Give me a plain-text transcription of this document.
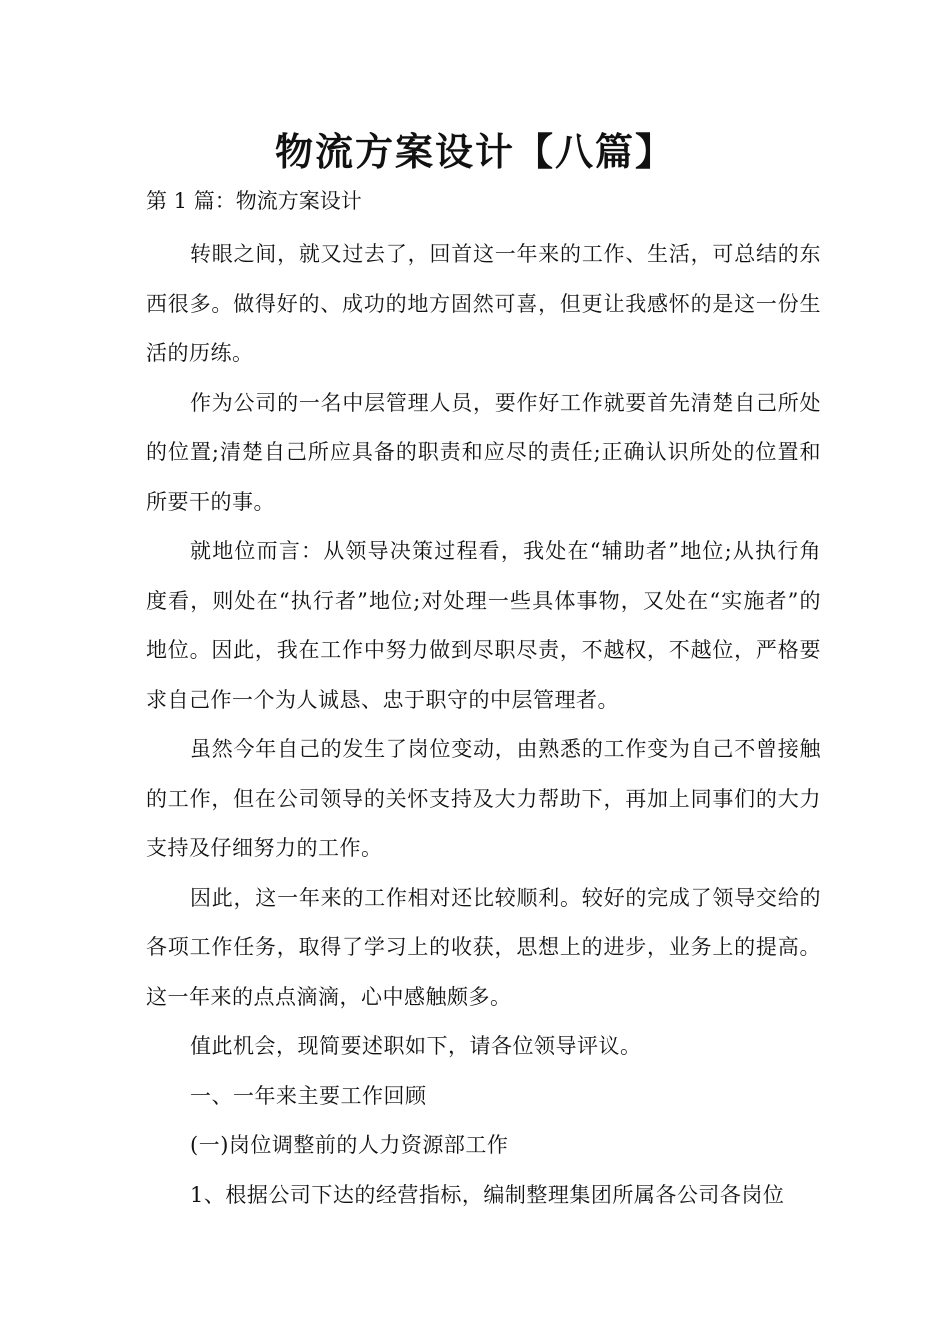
物流方案设计【八篇】
第 1 篇：物流方案设计

转眼之间，就又过去了，回首这一年来的工作、生活，可总结的东西很多。做得好的、成功的地方固然可喜，但更让我感怀的是这一份生活的历练。

作为公司的一名中层管理人员，要作好工作就要首先清楚自己所处的位置;清楚自己所应具备的职责和应尽的责任;正确认识所处的位置和所要干的事。

就地位而言：从领导决策过程看，我处在“辅助者”地位;从执行角度看，则处在“执行者”地位;对处理一些具体事物，又处在“实施者”的地位。因此，我在工作中努力做到尽职尽责，不越权，不越位，严格要求自己作一个为人诚恳、忠于职守的中层管理者。

虽然今年自己的发生了岗位变动，由熟悉的工作变为自己不曾接触的工作，但在公司领导的关怀支持及大力帮助下，再加上同事们的大力支持及仔细努力的工作。

因此，这一年来的工作相对还比较顺利。较好的完成了领导交给的各项工作任务，取得了学习上的收获，思想上的进步，业务上的提高。这一年来的点点滴滴，心中感触颇多。

值此机会，现简要述职如下，请各位领导评议。

一、一年来主要工作回顾

(一)岗位调整前的人力资源部工作

1、根据公司下达的经营指标，编制整理集团所属各公司各岗位
